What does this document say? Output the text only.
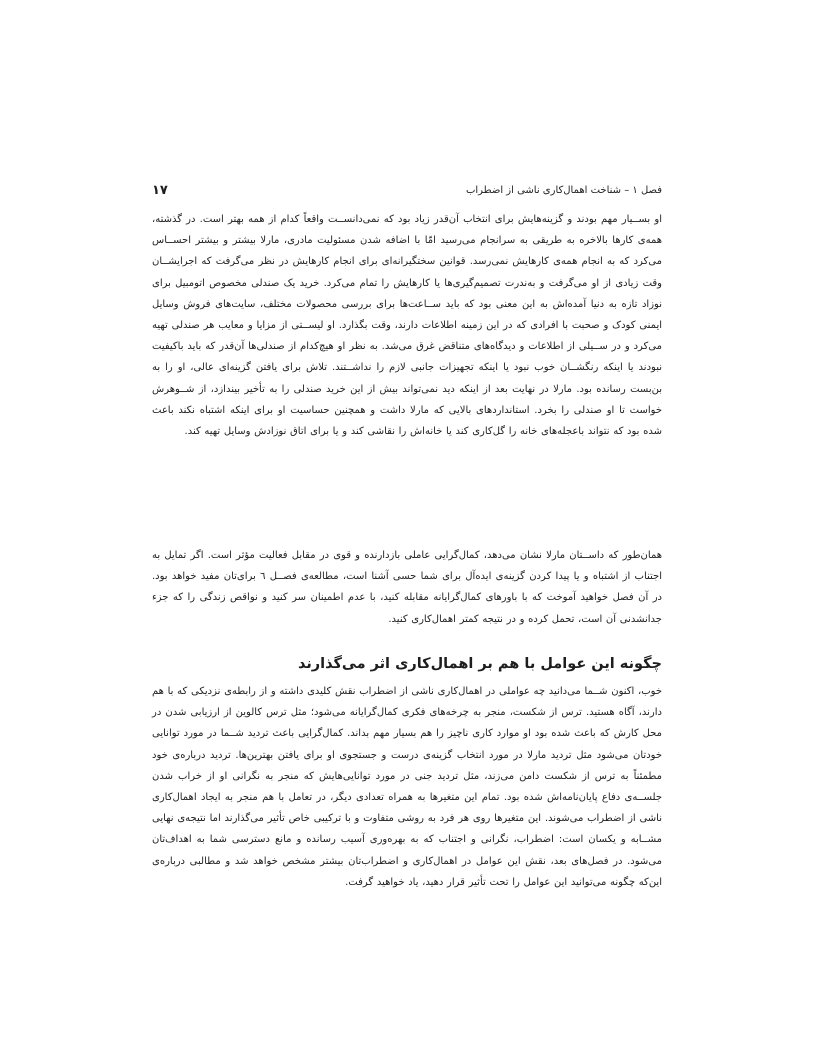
فصل ۱ – شناخت اهمال‌کاری ناشی از اضطراب
۱۷

او بســیار مهم بودند و گزینه‌هایش برای انتخاب آن‌قدر زیاد بود که نمی‌دانســت واقعاً کدام از همه بهتر است. در گذشته، همه‌ی کارها بالاخره به طریقی به سرانجام می‌رسید امّا با اضافه شدن مسئولیت مادری، مارلا بیشتر و بیشتر احســاس می‌کرد که به انجام همه‌ی کارهایش نمی‌رسد. قوانین سختگیرانه‌ای برای انجام کارهایش در نظر می‌گرفت که اجرایشــان وقت زیادی از او می‌گرفت و به‌ندرت تصمیم‌گیری‌ها یا کارهایش را تمام می‌کرد. خرید یک صندلی مخصوص اتومبیل برای نوزاد تازه به دنیا آمده‌اش به این معنی بود که باید ســاعت‌ها برای بررسی محصولات مختلف، سایت‌های فروش وسایل ایمنی کودک و صحبت با افرادی که در این زمینه اطلاعات دارند، وقت بگذارد. او لیســتی از مزایا و معایب هر صندلی تهیه می‌کرد و در ســیلی از اطلاعات و دیدگاه‌های متناقض غرق می‌شد. به نظر او هیچ‌کدام از صندلی‌ها آن‌قدر که باید باکیفیت نبودند یا اینکه رنگشــان خوب نبود یا اینکه تجهیزات جانبی لازم را نداشــتند. تلاش برای یافتن گزینه‌ای عالی، او را به بن‌بست رسانده بود. مارلا در نهایت بعد از اینکه دید نمی‌تواند بیش از این خرید صندلی را به تأخیر بیندازد، از شــوهرش خواست تا او صندلی را بخرد. استانداردهای بالایی که مارلا داشت و همچنین حساسیت او برای اینکه اشتباه نکند باعث شده بود که نتواند باعجله‌های خانه را گل‌کاری کند یا خانه‌اش را نقاشی کند و یا برای اتاق نوزادش وسایل تهیه کند.

همان‌طور که داســتان مارلا نشان می‌دهد، کمال‌گرایی عاملی بازدارنده و قوی در مقابل فعالیت مؤثر است. اگر تمایل به اجتناب از اشتباه و یا پیدا کردن گزینه‌ی ایده‌آل برای شما حسی آشنا است، مطالعه‌ی فصــل ٦ برای‌تان مفید خواهد بود. در آن فصل خواهید آموخت که با باورهای کمال‌گرایانه مقابله کنید، با عدم اطمینان سر کنید و نواقص زندگی را که جزء جدانشدنی آن است، تحمل کرده و در نتیجه کمتر اهمال‌کاری کنید.

چگونه این عوامل با هم بر اهمال‌کاری اثر می‌گذارند

خوب، اکنون شــما می‌دانید چه عواملی در اهمال‌کاری ناشی از اضطراب نقش کلیدی داشته و از رابطه‌ی نزدیکی که با هم دارند، آگاه هستید. ترس از شکست، منجر به چرخه‌های فکری کمال‌گرایانه می‌شود؛ مثل ترس کالوین از ارزیابی شدن در محل کارش که باعث شده بود او موارد کاری ناچیز را هم بسیار مهم بداند. کمال‌گرایی باعث تردید شــما در مورد توانایی خودتان می‌شود مثل تردید مارلا در مورد انتخاب گزینه‌ی درست و جستجوی او برای یافتن بهترین‌ها. تردید درباره‌ی خود مطمئناً به ترس از شکست دامن می‌زند، مثل تردید جنی در مورد توانایی‌هایش که منجر به نگرانی او از خراب شدن جلســه‌ی دفاع پایان‌نامه‌اش شده بود. تمام این متغیرها به همراه تعدادی دیگر، در تعامل با هم منجر به ایجاد اهمال‌کاری ناشی از اضطراب می‌شوند. این متغیرها روی هر فرد به روشی متفاوت و با ترکیبی خاص تأثیر می‌گذارند اما نتیجه‌ی نهایی مشــابه و یکسان است: اضطراب، نگرانی و اجتناب که به بهره‌وری آسیب رسانده و مانع دسترسی شما به اهداف‌تان می‌شود. در فصل‌های بعد، نقش این عوامل در اهمال‌کاری و اضطراب‌تان بیشتر مشخص خواهد شد و مطالبی درباره‌ی این‌که چگونه می‌توانید این عوامل را تحت تأثیر قرار دهید، یاد خواهید گرفت.
